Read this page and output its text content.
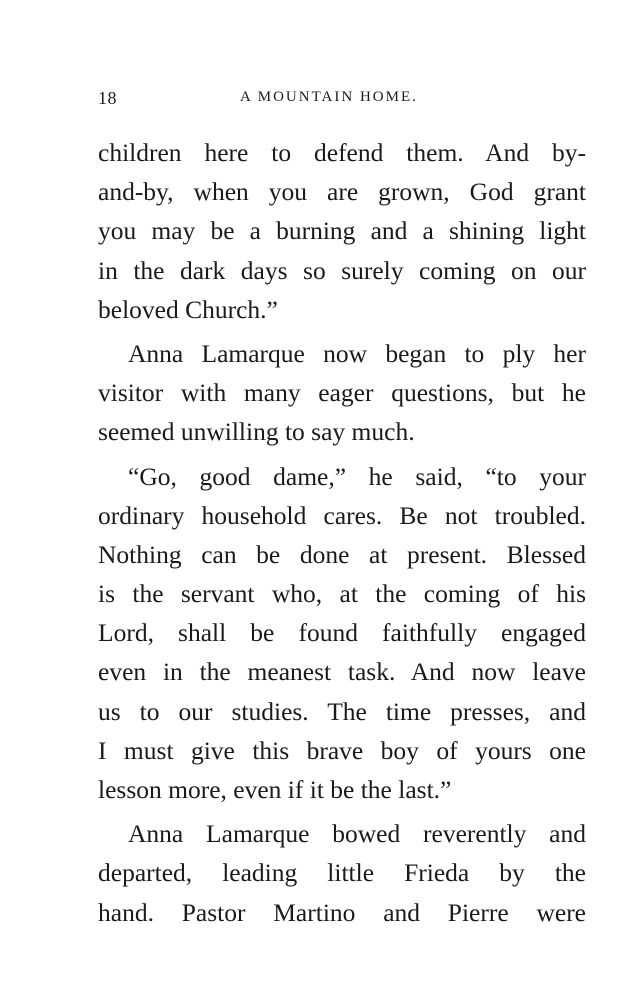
18	A MOUNTAIN HOME.
children here to defend them. And by-
and-by, when you are grown, God grant
you may be a burning and a shining light
in the dark days so surely coming on our
beloved Church.”
Anna Lamarque now began to ply her
visitor with many eager questions, but he
seemed unwilling to say much.
“Go, good dame,” he said, “to your
ordinary household cares. Be not troubled.
Nothing can be done at present. Blessed
is the servant who, at the coming of his
Lord, shall be found faithfully engaged
even in the meanest task. And now leave
us to our studies. The time presses, and
I must give this brave boy of yours one
lesson more, even if it be the last.”
Anna Lamarque bowed reverently and
departed, leading little Frieda by the
hand. Pastor Martino and Pierre were
